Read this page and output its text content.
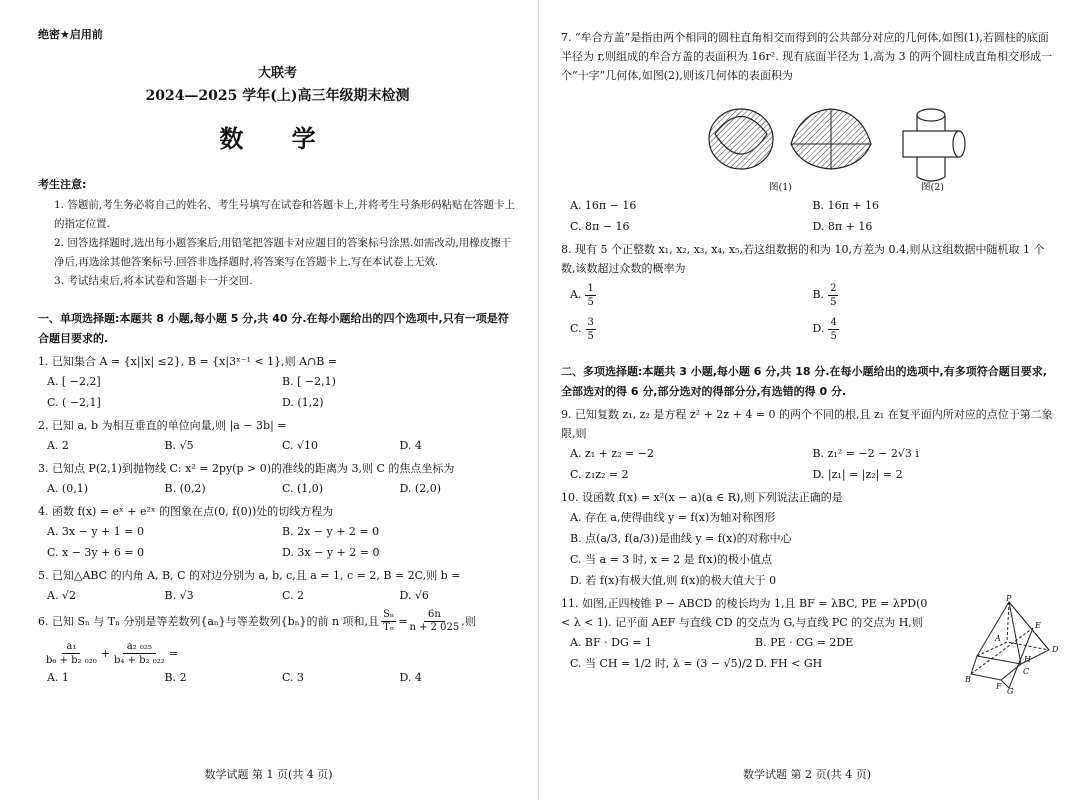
绝密★启用前
大联考
2024—2025 学年(上)高三年级期末检测
数 学
考生注意:
1. 答题前,考生务必将自己的姓名、考生号填写在试卷和答题卡上,并将考生号条形码粘贴在答题卡上的指定位置.
2. 回答选择题时,选出每小题答案后,用铅笔把答题卡对应题目的答案标号涂黑.如需改动,用橡皮擦干净后,再选涂其他答案标号.回答非选择题时,将答案写在答题卡上.写在本试卷上无效.
3. 考试结束后,将本试卷和答题卡一并交回.
一、单项选择题:本题共 8 小题,每小题 5 分,共 40 分.在每小题给出的四个选项中,只有一项是符合题目要求的.
1. 已知集合 A = {x||x| ≤2}, B = {x|3ˣ⁻¹ < 1},则 A∩B =
A. [ −2,2]	B. [ −2,1)
C. ( −2,1]	D. (1,2)
2. 已知 a, b 为相互垂直的单位向量,则 |a − 3b| =
A. 2	B. √5	C. √10	D. 4
3. 已知点 P(2,1)到抛物线 C: x² = 2py(p > 0)的准线的距离为 3,则 C 的焦点坐标为
A. (0,1)	B. (0,2)	C. (1,0)	D. (2,0)
4. 函数 f(x) = eˣ + e²ˣ 的图象在点(0, f(0))处的切线方程为
A. 3x − y + 1 = 0	B. 2x − y + 2 = 0
C. x − 3y + 6 = 0	D. 3x − y + 2 = 0
5. 已知△ABC 的内角 A, B, C 的对边分别为 a, b, c,且 a = 1, c = 2, B = 2C,则 b =
A. √2	B. √3	C. 2	D. √6
6. 已知 Sₙ 与 Tₙ 分别是等差数列{aₙ}与等差数列{bₙ}的前 n 项和,且 $\frac{\text{Sₙ}}{\text{Tₙ}} = \frac{6n}{n + 2 025}$ ,则
$\frac{\text{a₁}}{\text{b₆ + b₂ ₀₂₀}} + \frac{\text{a₂ ₀₂₅}}{\text{b₄ + b₂ ₀₂₂}}$ =
A. 1	B. 2	C. 3	D. 4
数学试题 第 1 页(共 4 页)
7. “牟合方盖”是指由两个相同的圆柱直角相交而得到的公共部分对应的几何体,如图(1),若圆柱的底面半径为 r,则组成的牟合方盖的表面积为 16r². 现有底面半径为 1,高为 3 的两个圆柱成直角相交形成一个“十字”几何体,如图(2),则该几何体的表面积为
图(1)	图(2)
A. 16π − 16	B. 16π + 16
C. 8π − 16	D. 8π + 16
8. 现有 5 个正整数 x₁, x₂, x₃, x₄, x₅,若这组数据的和为 10,方差为 0.4,则从这组数据中随机取 1 个数,该数超过众数的概率为
A. 1
5
B. 2
5
C. 3
5
D. 4
5
二、多项选择题:本题共 3 小题,每小题 6 分,共 18 分.在每小题给出的选项中,有多项符合题目要求,全部选对的得 6 分,部分选对的得部分分,有选错的得 0 分.
9. 已知复数 z₁, z₂ 是方程 z² + 2z + 4 = 0 的两个不同的根,且 z₁ 在复平面内所对应的点位于第二象限,则
A. z₁ + z₂ = −2	B. z₁² = −2 − 2√3 i
C. z₁z₂ = 2	D. |z₁| = |z₂| = 2
10. 设函数 f(x) = x²(x − a)(a ∈ R),则下列说法正确的是
A. 存在 a,使得曲线 y = f(x)为轴对称图形
B. 点(a/3, f(a/3))是曲线 y = f(x)的对称中心
C. 当 a = 3 时, x = 2 是 f(x)的极小值点
D. 若 f(x)有极大值,则 f(x)的极大值大于 0
11. 如图,正四棱锥 P − ABCD 的棱长均为 1,且 BF = λBC, PE = λPD(0 < λ < 1). 记平面 AEF 与直线 CD 的交点为 G,与直线 PC 的交点为 H,则
A. BF · DG = 1	B. PE · CG = 2DE
C. 当 CH = 1/2 时, λ = (3 − √5)/2 D. FH < GH
P
A
E
D
H
B
F
C
G
数学试题 第 2 页(共 4 页)
